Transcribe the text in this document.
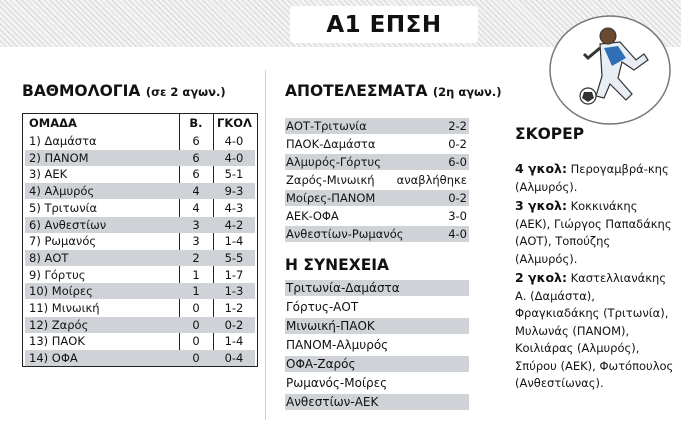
Α1 ΕΠΣΗ
ΒΑΘΜΟΛΟΓΙΑ (σε 2 αγων.)
ΟΜΑΔΑ	Β.	ΓΚΟΛ
1) Δαμάστα	6	4-0
2) ΠΑΝΟΜ	6	4-0
3) ΑΕΚ	6	5-1
4) Αλμυρός	4	9-3
5) Τριτωνία	4	4-3
6) Ανθεστίων	3	4-2
7) Ρωμανός	3	1-4
8) ΑΟΤ	2	5-5
9) Γόρτυς	1	1-7
10) Μοίρες	1	1-3
11) Μινωική	0	1-2
12) Ζαρός	0	0-2
13) ΠΑΟΚ	0	1-4
14) ΟΦΑ	0	0-4
ΑΠΟΤΕΛΕΣΜΑΤΑ (2η αγων.)
ΑΟΤ-Τριτωνία	2-2
ΠΑΟΚ-Δαμάστα	0-2
Αλμυρός-Γόρτυς	6-0
Ζαρός-Μινωική αναβλήθηκε
Μοίρες-ΠΑΝΟΜ	0-2
ΑΕΚ-ΟΦΑ	3-0
Ανθεστίων-Ρωμανός	4-0
Η ΣΥΝΕΧΕΙΑ
Τριτωνία-Δαμάστα
Γόρτυς-ΑΟΤ
Μινωική-ΠΑΟΚ
ΠΑΝΟΜ-Αλμυρός
ΟΦΑ-Ζαρός
Ρωμανός-Μοίρες
Ανθεστίων-ΑΕΚ
ΣΚΟΡΕΡ

4 γκολ: Περογαμβρά-κης (Αλμυρός).

3 γκολ: Κοκκινάκης (ΑΕΚ), Γιώργος Παπαδάκης (ΑΟΤ), Τοπούζης (Αλμυρός).

2 γκολ: Καστελλιανάκης Α. (Δαμάστα), Φραγκιαδάκης (Τριτωνία), Μυλωνάς (ΠΑΝΟΜ), Κοιλιάρας (Αλμυρός), Σπύρου (ΑΕΚ), Φωτόπουλος (Ανθεστίωνας).
